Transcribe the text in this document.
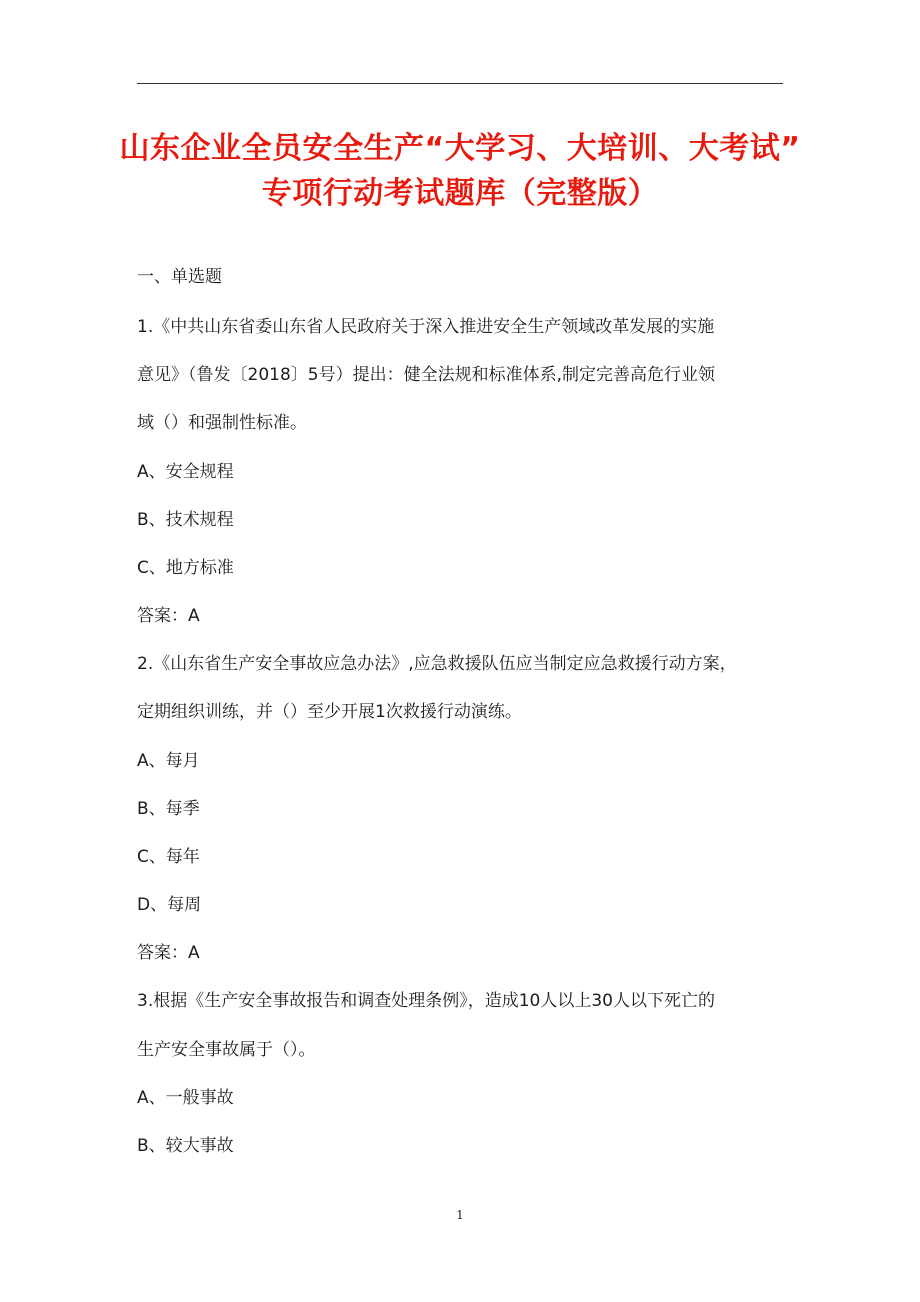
山东企业全员安全生产“大学习、大培训、大考试”
专项行动考试题库（完整版）
一、单选题
1.《中共山东省委山东省人民政府关于深入推进安全生产领域改革发展的实施
意见》（鲁发〔2018〕5号）提出：健全法规和标准体系,制定完善高危行业领
域（）和强制性标准。
A、安全规程
B、技术规程
C、地方标准
答案：A
2.《山东省生产安全事故应急办法》,应急救援队伍应当制定应急救援行动方案，
定期组织训练，并（）至少开展1次救援行动演练。
A、每月
B、每季
C、每年
D、每周
答案：A
3.根据《生产安全事故报告和调查处理条例》，造成10人以上30人以下死亡的
生产安全事故属于（）。
A、一般事故
B、较大事故
1
